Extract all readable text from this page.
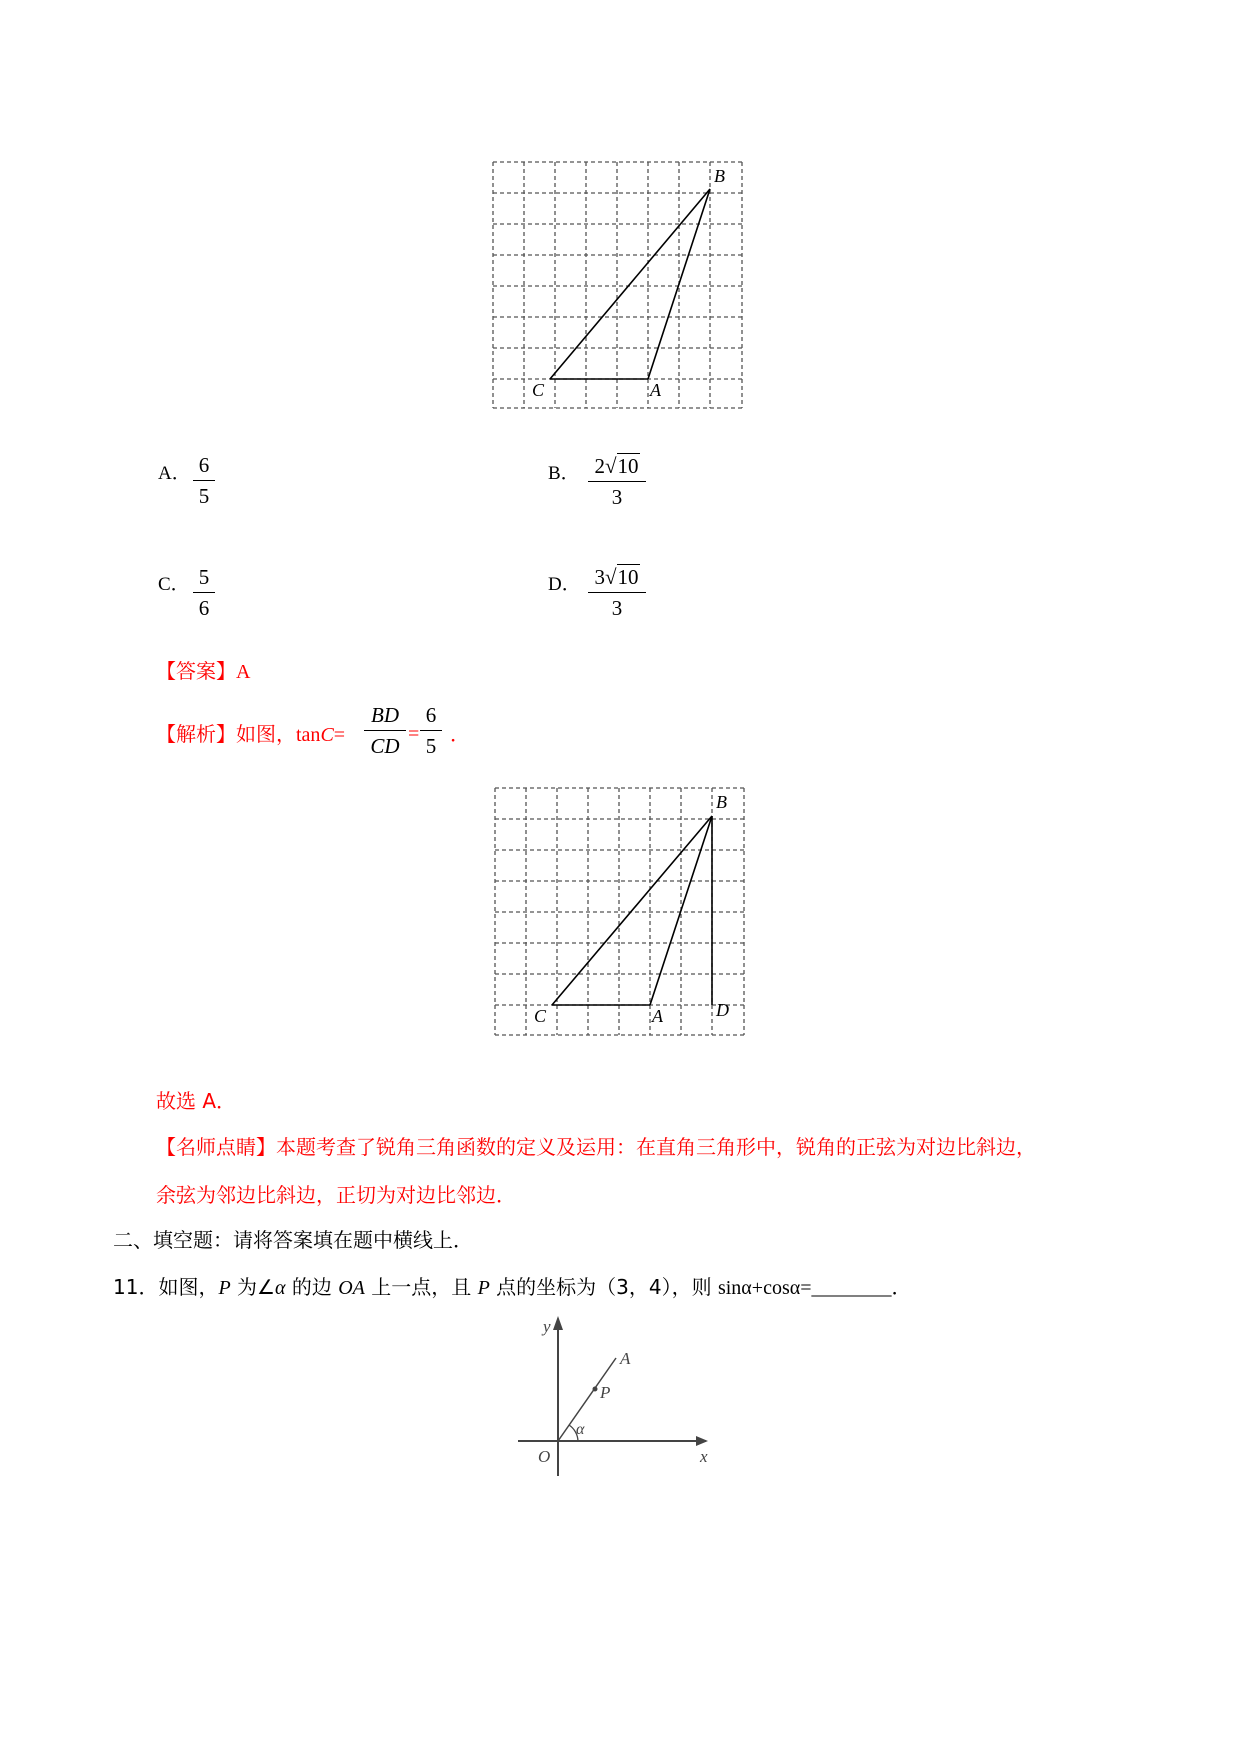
B
C	A
A． 6
5
B． 2√10
3
C． 5
6
D． 3√10
3
【答案】A
【解析】如图，tanC=
BD
CD =
6
5 ．
B
C	A	D
故选 A．
【名师点睛】本题考查了锐角三角函数的定义及运用：在直角三角形中，锐角的正弦为对边比斜边，
余弦为邻边比斜边，正切为对边比邻边．
二、填空题：请将答案填在题中横线上．
11．如图，P 为∠α 的边 OA 上一点，且 P 点的坐标为（3，4），则 sinα+cosα=________．
y
x
O
A
P
α
